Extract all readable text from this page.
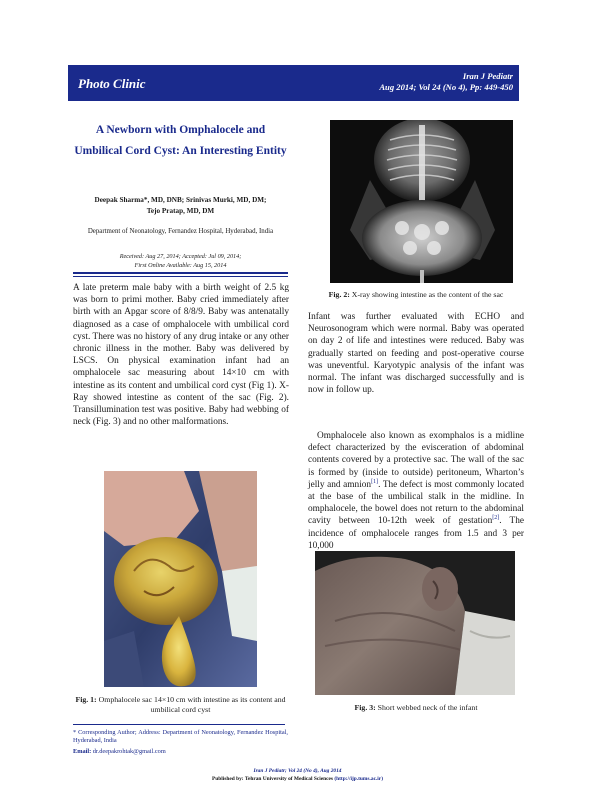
Photo Clinic	Iran J Pediatr
Aug 2014; Vol 24 (No 4), Pp: 449-450
A Newborn with Omphalocele and Umbilical Cord Cyst: An Interesting Entity
Deepak Sharma*, MD, DNB; Srinivas Murki, MD, DM;
Tejo Pratap, MD, DM
Department of Neonatology, Fernandez Hospital, Hyderabad, India
Received: Aug 27, 2014; Accepted: Jul 09, 2014;
First Online Available: Aug 15, 2014
A late preterm male baby with a birth weight of 2.5 kg was born to primi mother. Baby cried immediately after birth with an Apgar score of 8/8/9. Baby was antenatally diagnosed as a case of omphalocele with umbilical cord cyst. There was no history of any drug intake or any other chronic illness in the mother. Baby was delivered by LSCS. On physical examination infant had an omphalocele sac measuring about 14×10 cm with intestine as its content and umbilical cord cyst (Fig 1). X-Ray showed intestine as content of the sac (Fig. 2). Transillumination test was positive. Baby had webbing of neck (Fig. 3) and no other malformations.
Fig. 1: Omphalocele sac 14×10 cm with intestine as its content and umbilical cord cyst
* Corresponding Author; Address: Department of Neonatology, Fernandez Hospital, Hyderabad, India
Email: dr.deepakrohtak@gmail.com
Fig. 2: X-ray showing intestine as the content of the sac
Infant was further evaluated with ECHO and Neurosonogram which were normal. Baby was operated on day 2 of life and intestines were reduced. Baby was gradually started on feeding and post-operative course was uneventful. Karyotypic analysis of the infant was normal. The infant was discharged successfully and is now in follow up.
Omphalocele also known as exomphalos is a midline defect characterized by the evisceration of abdominal contents covered by a protective sac. The wall of the sac is formed by (inside to outside) peritoneum, Wharton’s jelly and amnion[1]. The defect is most commonly located at the base of the umbilical stalk in the midline. In omphalocele, the bowel does not return to the abdominal cavity between 10-12th week of gestation[2]. The incidence of omphalocele ranges from 1.5 and 3 per 10,000
Fig. 3: Short webbed neck of the infant
Iran J Pediatr; Vol 24 (No 4), Aug 2014
Published by: Tehran University of Medical Sciences (http://ijp.tums.ac.ir)
